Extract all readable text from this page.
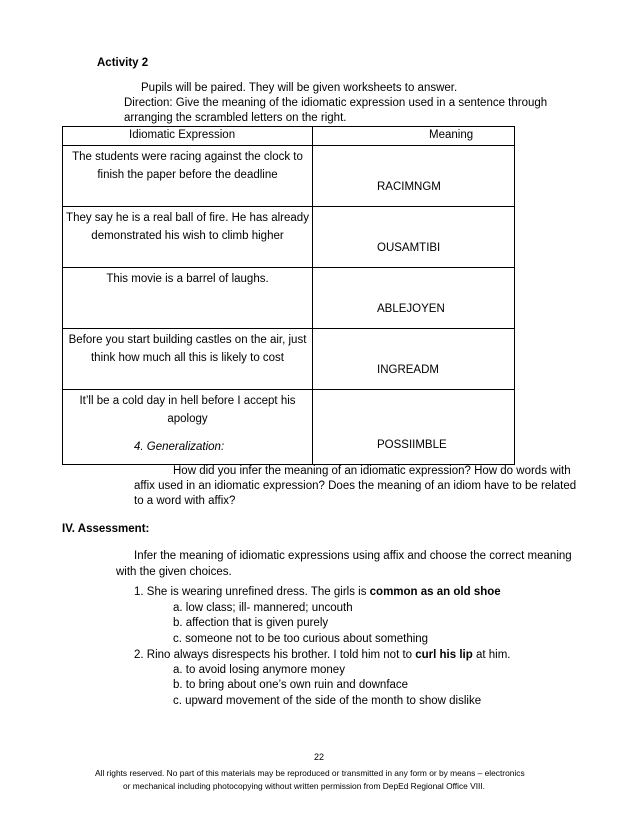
Activity 2
Pupils will be paired. They will be given worksheets to answer.
Direction: Give the meaning of the idiomatic expression used in a sentence through
arranging the scrambled letters on the right.
Idiomatic Expression	Meaning
The students were racing against the clock to finish the paper before the deadline	RACIMNGM
They say he is a real ball of fire. He has already demonstrated his wish to climb higher	OUSAMTIBI
This movie is a barrel of laughs.	ABLEJOYEN
Before you start building castles on the air, just think how much all this is likely to cost	INGREADM
It’ll be a cold day in hell before I accept his apology	POSSIIMBLE
4. Generalization:
How did you infer the meaning of an idiomatic expression? How do words with
affix used in an idiomatic expression? Does the meaning of an idiom have to be related
to a word with affix?
IV. Assessment:
Infer the meaning of idiomatic expressions using affix and choose the correct meaning
with the given choices.
1. She is wearing unrefined dress. The girls is common as an old shoe
a. low class; ill- mannered; uncouth
b. affection that is given purely
c. someone not to be too curious about something
2. Rino always disrespects his brother. I told him not to curl his lip at him.
a. to avoid losing anymore money
b. to bring about one’s own ruin and downface
c. upward movement of the side of the month to show dislike
22
All rights reserved. No part of this materials may be reproduced or transmitted in any form or by means – electronics
or mechanical including photocopying without written permission from DepEd Regional Office VIII.
